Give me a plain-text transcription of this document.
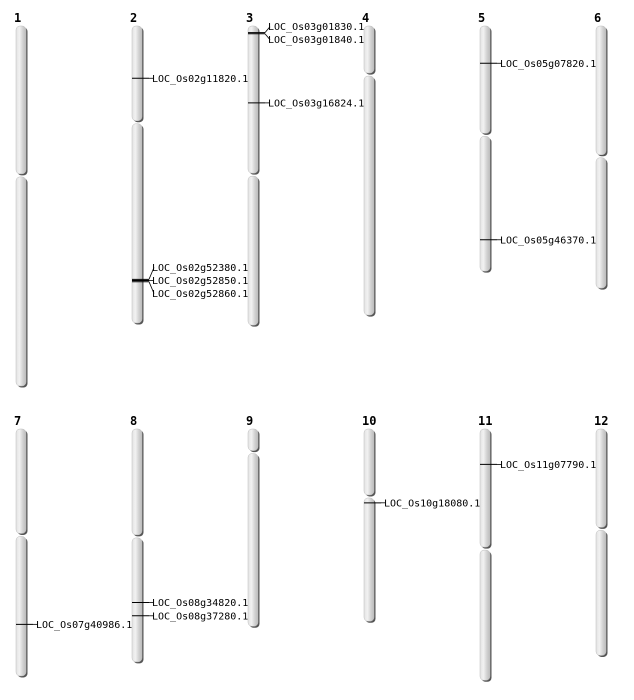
1	2
LOC_Os02g11820.1
LOC_Os02g52380.1
LOC_Os02g52850.1
LOC_Os02g52860.1
3
LOC_Os03g01830.1
LOC_Os03g01840.1
LOC_Os03g16824.1
4	5
LOC_Os05g07820.1
LOC_Os05g46370.1
6
7
LOC_Os07g40986.1
8
LOC_Os08g34820.1
LOC_Os08g37280.1
9	10
LOC_Os10g18080.1
11
LOC_Os11g07790.1
12
